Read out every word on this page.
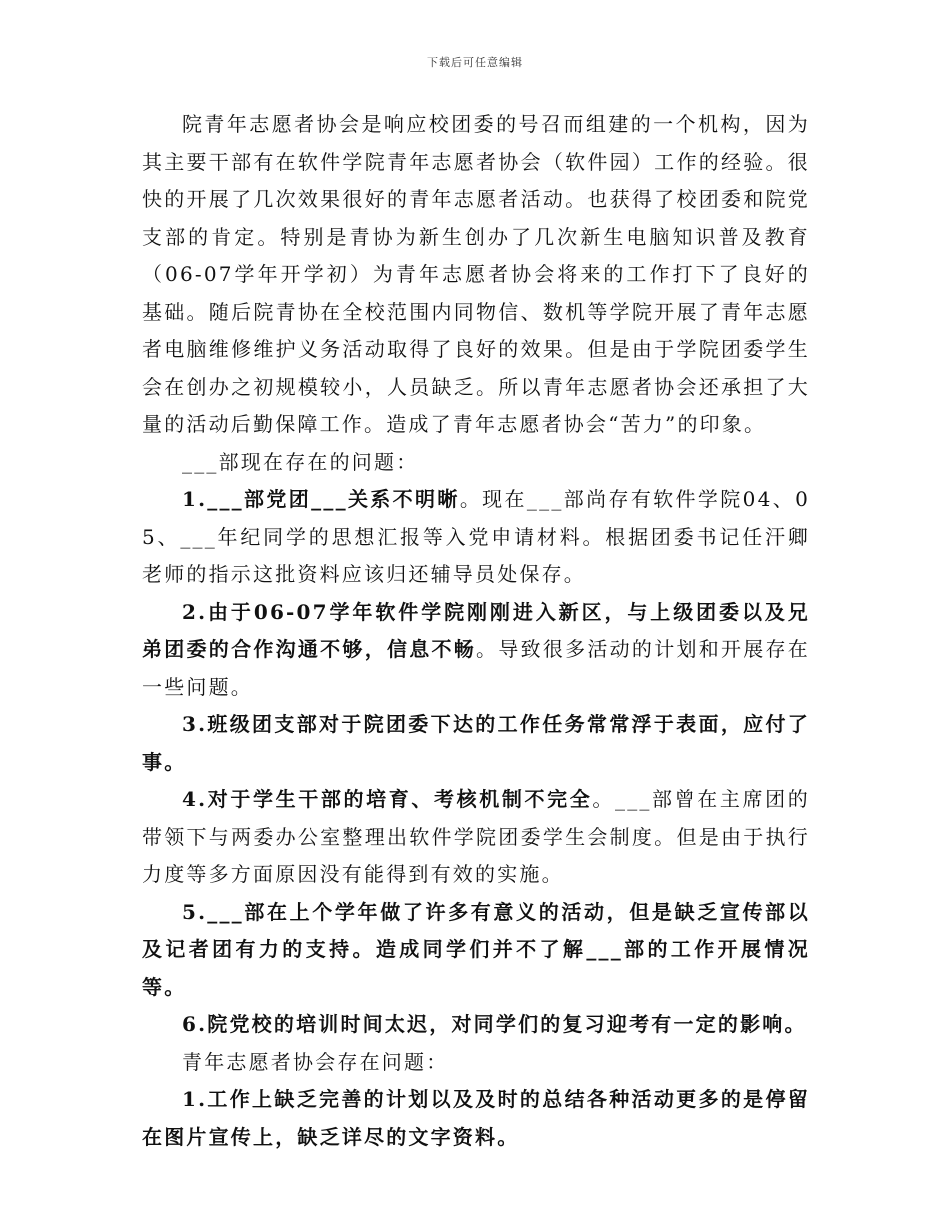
下载后可任意编辑

院青年志愿者协会是响应校团委的号召而组建的一个机构，因为其主要干部有在软件学院青年志愿者协会（软件园）工作的经验。很快的开展了几次效果很好的青年志愿者活动。也获得了校团委和院党支部的肯定。特别是青协为新生创办了几次新生电脑知识普及教育（06-07学年开学初）为青年志愿者协会将来的工作打下了良好的基础。随后院青协在全校范围内同物信、数机等学院开展了青年志愿者电脑维修维护义务活动取得了良好的效果。但是由于学院团委学生会在创办之初规模较小，人员缺乏。所以青年志愿者协会还承担了大量的活动后勤保障工作。造成了青年志愿者协会“苦力”的印象。

___部现在存在的问题：

1.___部党团___关系不明晰。现在___部尚存有软件学院04、05、___年纪同学的思想汇报等入党申请材料。根据团委书记任汗卿老师的指示这批资料应该归还辅导员处保存。

2.由于06-07学年软件学院刚刚进入新区，与上级团委以及兄弟团委的合作沟通不够，信息不畅。导致很多活动的计划和开展存在一些问题。

3.班级团支部对于院团委下达的工作任务常常浮于表面，应付了事。

4.对于学生干部的培育、考核机制不完全。___部曾在主席团的带领下与两委办公室整理出软件学院团委学生会制度。但是由于执行力度等多方面原因没有能得到有效的实施。

5.___部在上个学年做了许多有意义的活动，但是缺乏宣传部以及记者团有力的支持。造成同学们并不了解___部的工作开展情况等。

6.院党校的培训时间太迟，对同学们的复习迎考有一定的影响。

青年志愿者协会存在问题：

1.工作上缺乏完善的计划以及及时的总结各种活动更多的是停留在图片宣传上，缺乏详尽的文字资料。
